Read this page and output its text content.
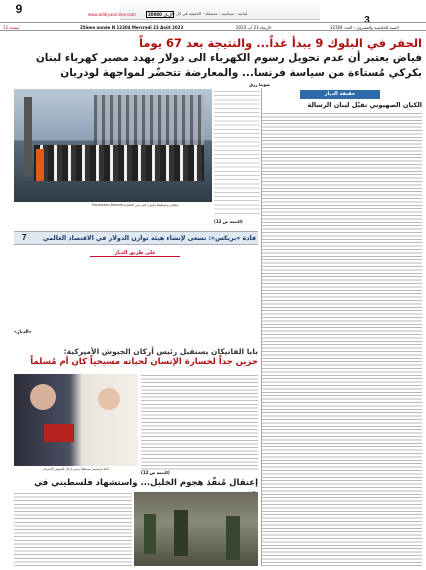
9
3
www.addiyaronline.com	20000 ل.ل
لبنانية - سياسية - مستقلة - الحقيقة في كل دار
12 صفحة	25ème année N 12304 Mercredi 23 Août 2023	الأربعاء 23 آب 2023	السنة الخامسة والعشرون - العدد 12304
الحفر في البلوك 9 يبدأ غداً... والنتيجة بعد 67 يوماً
فياض يعتبر أن عدم تحويل رسوم الكهرباء الى دولار يهدد مصير كهرباء لبنان
بكركي مُستاءة من سياسة فرنسا... والمعارضة تتحضّر لمواجهة لودريان
صونيا رزق
ميقاتي وحوطيط وكولرا على متن الحفارة Transocean Barents
(التتمة ص 12)
حقيقة الديار
الكيان الصهيوني تقبّل لبنان الرسالة
7	قادة «بريكس»: نسعى لإنشاء هيئة توازن الدولار في الاقتصاد العالمي
على طريق الديار
«الديار»
بابا الفاتيكان يستقبل رئيس أركان الجيوش الأميركية:
حزين جداً لخسارة الإنسان لحياته مسيحياً كان أم مُسلماً
البابا فرنسيس مستقبلاً رئيس أركان الجيوش الأميركية
(التتمة ص 12)
إعتقال مُنفّذ هجوم الخليل... واستشهاد فلسطيني في
